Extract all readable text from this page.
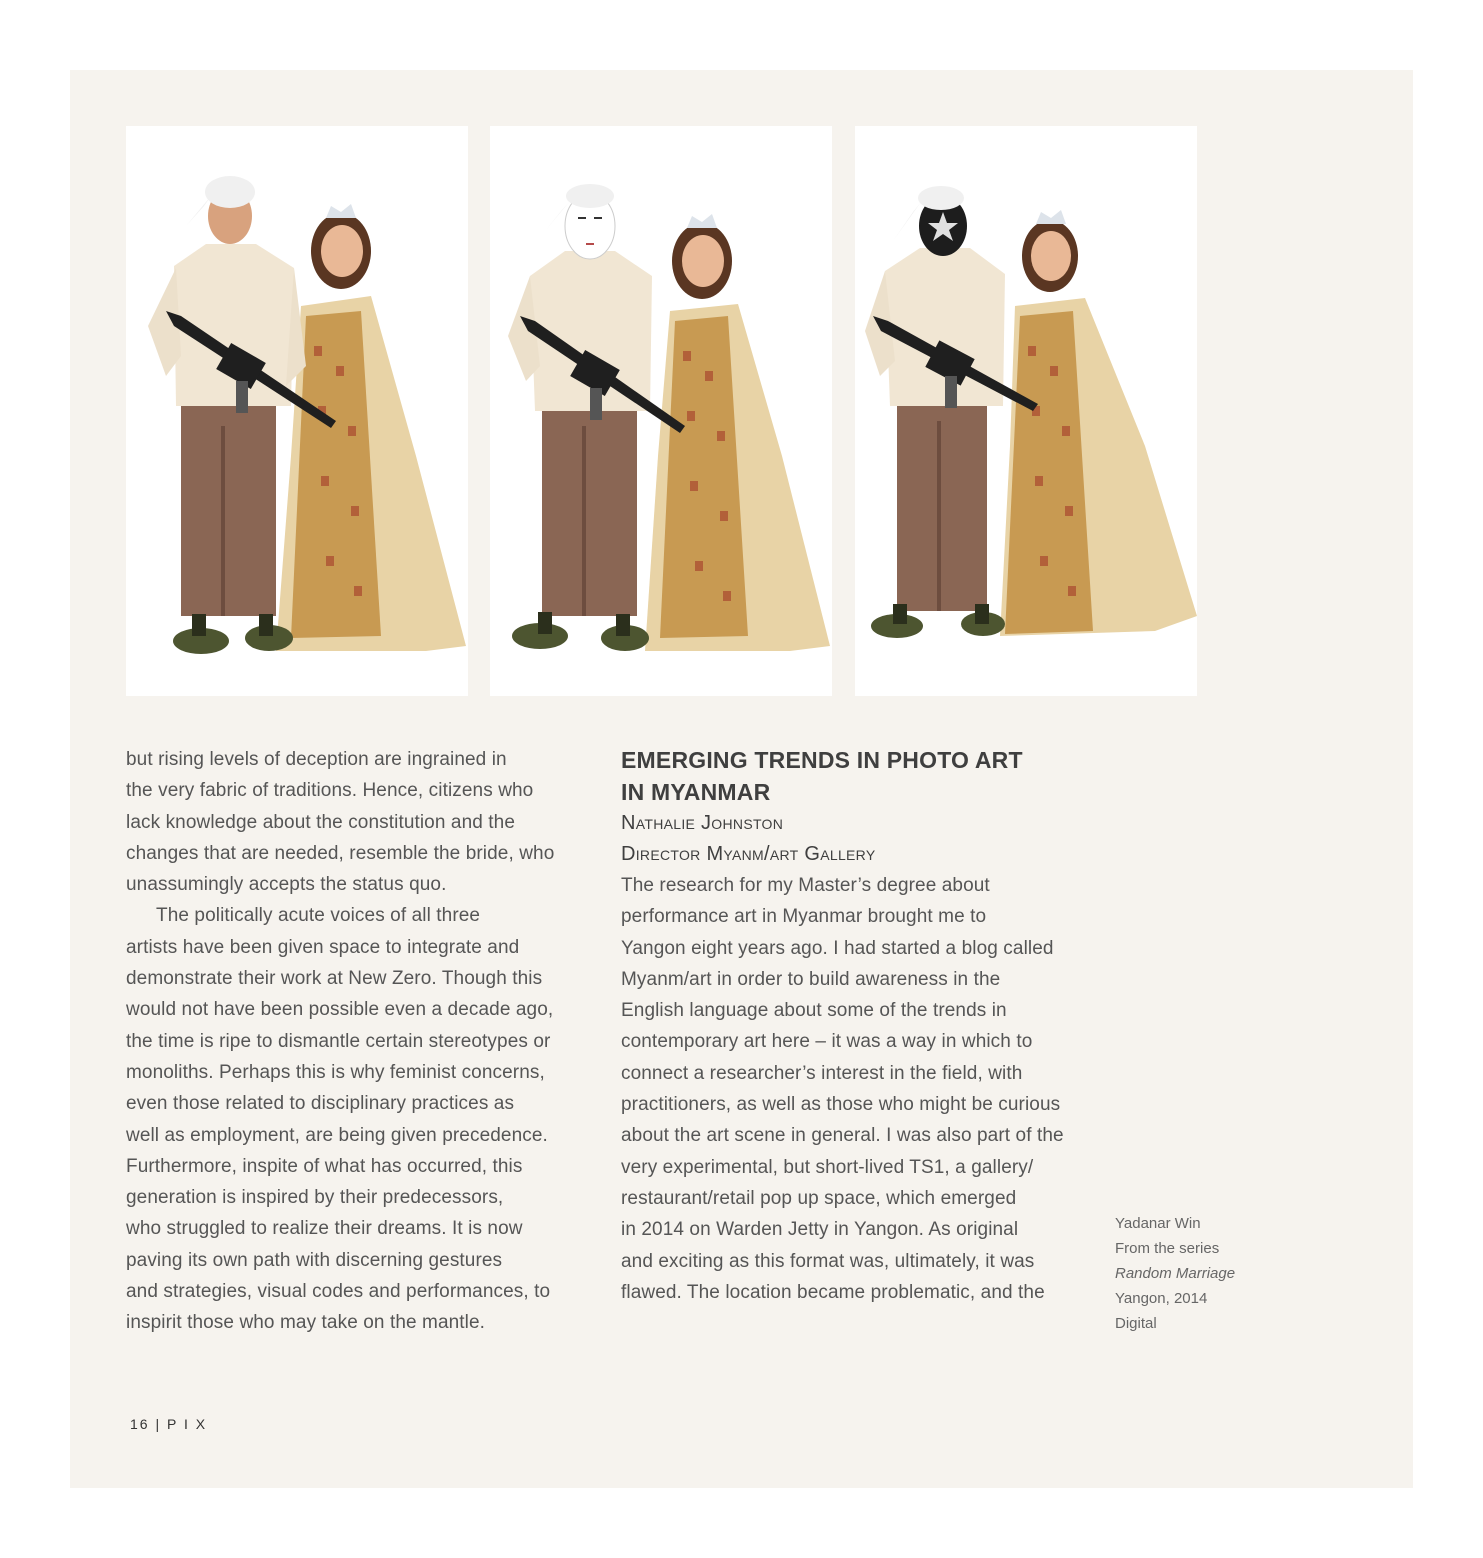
but rising levels of deception are ingrained in
the very fabric of traditions. Hence, citizens who
lack knowledge about the constitution and the
changes that are needed, resemble the bride, who
unassumingly accepts the status quo.

The politically acute voices of all three
artists have been given space to integrate and
demonstrate their work at New Zero. Though this
would not have been possible even a decade ago,
the time is ripe to dismantle certain stereotypes or
monoliths. Perhaps this is why feminist concerns,
even those related to disciplinary practices as
well as employment, are being given precedence.
Furthermore, inspite of what has occurred, this
generation is inspired by their predecessors,
who struggled to realize their dreams. It is now
paving its own path with discerning gestures
and strategies, visual codes and performances, to
inspirit those who may take on the mantle.

EMERGING TRENDS IN PHOTO ART
IN MYANMAR

Nathalie Johnston

Director Myanm/art Gallery

The research for my Master’s degree about
performance art in Myanmar brought me to
Yangon eight years ago. I had started a blog called
Myanm/art in order to build awareness in the
English language about some of the trends in
contemporary art here – it was a way in which to
connect a researcher’s interest in the field, with
practitioners, as well as those who might be curious
about the art scene in general. I was also part of the
very experimental, but short-lived TS1, a gallery/
restaurant/retail pop up space, which emerged
in 2014 on Warden Jetty in Yangon. As original
and exciting as this format was, ultimately, it was
flawed. The location became problematic, and the

Yadanar Win
From the series
Random Marriage
Yangon, 2014
Digital
16 | P I X
